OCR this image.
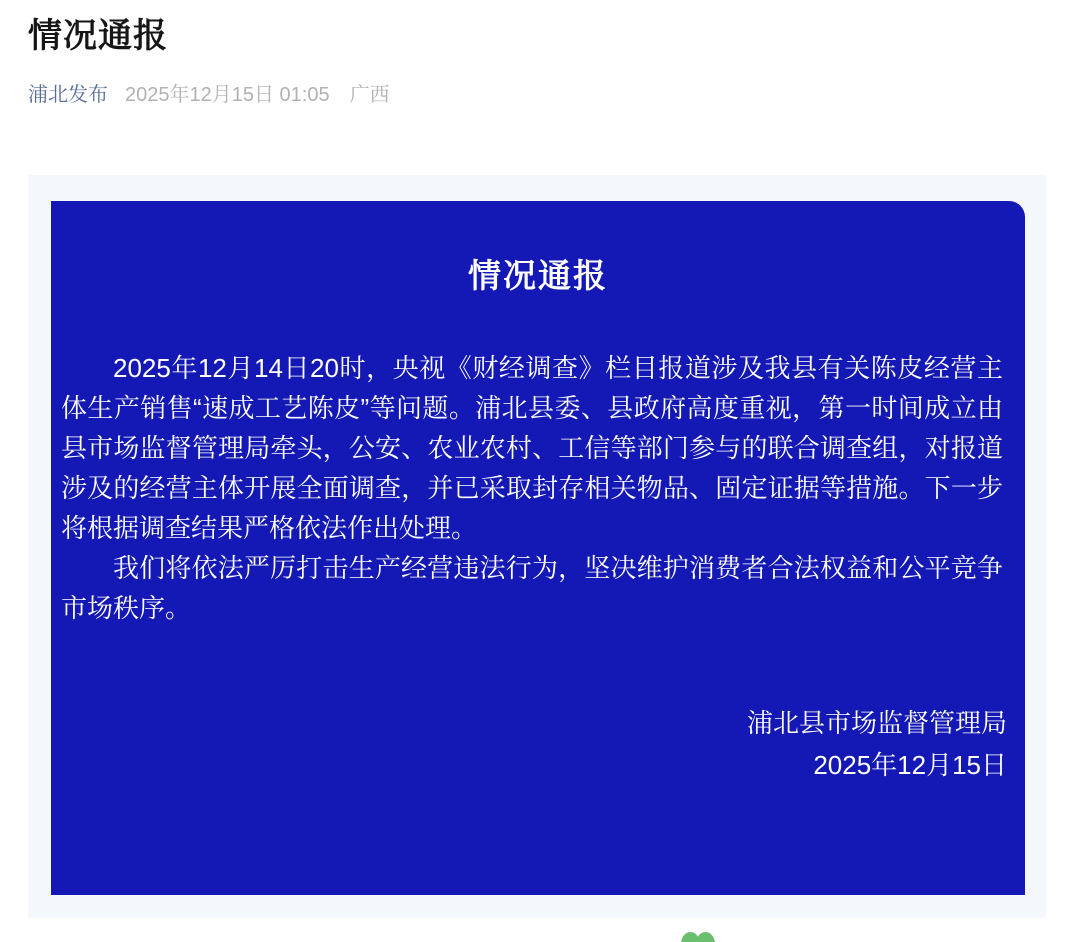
情况通报
浦北发布 2025年12月15日 01:05 广西
情况通报

2025年12月14日20时，央视《财经调查》栏目报道涉及我县有关陈皮经营主体生产销售“速成工艺陈皮”等问题。浦北县委、县政府高度重视，第一时间成立由县市场监督管理局牵头，公安、农业农村、工信等部门参与的联合调查组，对报道涉及的经营主体开展全面调查，并已采取封存相关物品、固定证据等措施。下一步将根据调查结果严格依法作出处理。

我们将依法严厉打击生产经营违法行为，坚决维护消费者合法权益和公平竞争市场秩序。

浦北县市场监督管理局
2025年12月15日
